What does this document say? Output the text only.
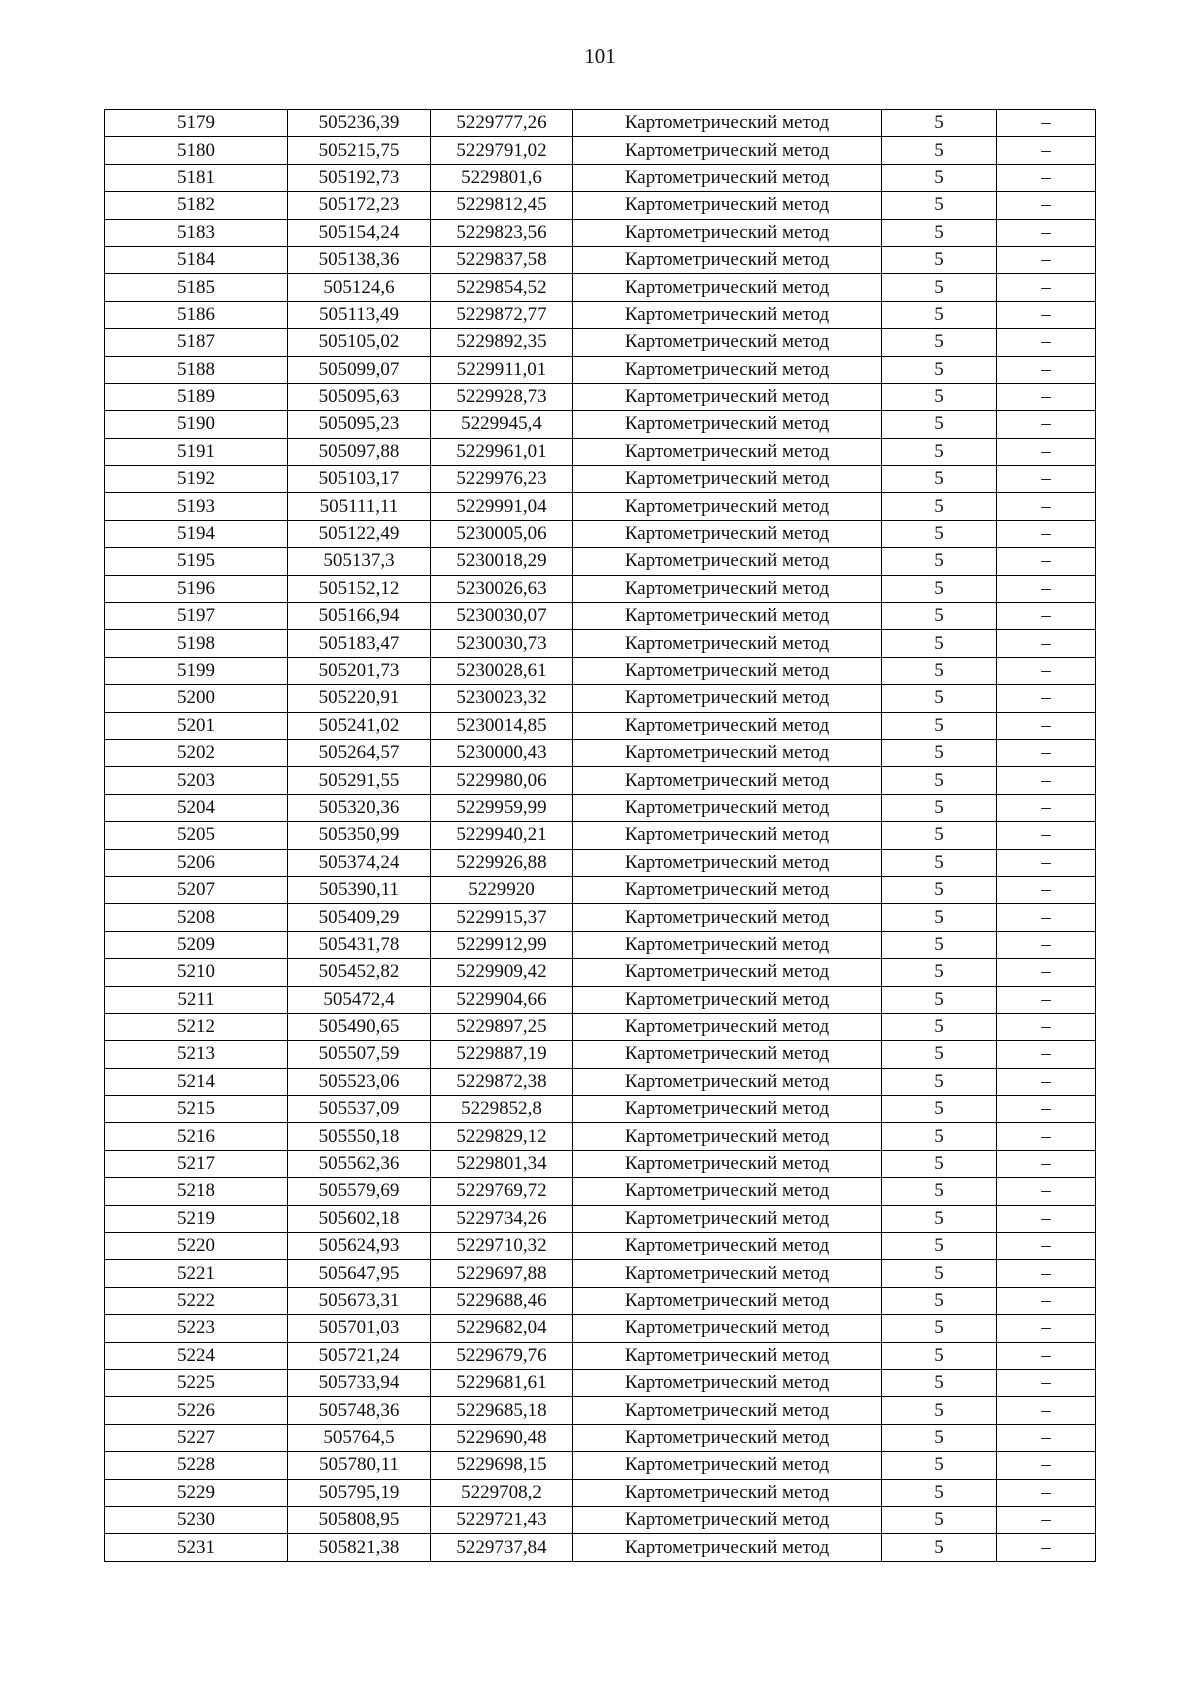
101
5179	505236,39	5229777,26	Картометрический метод	5	–
5180	505215,75	5229791,02	Картометрический метод	5	–
5181	505192,73	5229801,6	Картометрический метод	5	–
5182	505172,23	5229812,45	Картометрический метод	5	–
5183	505154,24	5229823,56	Картометрический метод	5	–
5184	505138,36	5229837,58	Картометрический метод	5	–
5185	505124,6	5229854,52	Картометрический метод	5	–
5186	505113,49	5229872,77	Картометрический метод	5	–
5187	505105,02	5229892,35	Картометрический метод	5	–
5188	505099,07	5229911,01	Картометрический метод	5	–
5189	505095,63	5229928,73	Картометрический метод	5	–
5190	505095,23	5229945,4	Картометрический метод	5	–
5191	505097,88	5229961,01	Картометрический метод	5	–
5192	505103,17	5229976,23	Картометрический метод	5	–
5193	505111,11	5229991,04	Картометрический метод	5	–
5194	505122,49	5230005,06	Картометрический метод	5	–
5195	505137,3	5230018,29	Картометрический метод	5	–
5196	505152,12	5230026,63	Картометрический метод	5	–
5197	505166,94	5230030,07	Картометрический метод	5	–
5198	505183,47	5230030,73	Картометрический метод	5	–
5199	505201,73	5230028,61	Картометрический метод	5	–
5200	505220,91	5230023,32	Картометрический метод	5	–
5201	505241,02	5230014,85	Картометрический метод	5	–
5202	505264,57	5230000,43	Картометрический метод	5	–
5203	505291,55	5229980,06	Картометрический метод	5	–
5204	505320,36	5229959,99	Картометрический метод	5	–
5205	505350,99	5229940,21	Картометрический метод	5	–
5206	505374,24	5229926,88	Картометрический метод	5	–
5207	505390,11	5229920	Картометрический метод	5	–
5208	505409,29	5229915,37	Картометрический метод	5	–
5209	505431,78	5229912,99	Картометрический метод	5	–
5210	505452,82	5229909,42	Картометрический метод	5	–
5211	505472,4	5229904,66	Картометрический метод	5	–
5212	505490,65	5229897,25	Картометрический метод	5	–
5213	505507,59	5229887,19	Картометрический метод	5	–
5214	505523,06	5229872,38	Картометрический метод	5	–
5215	505537,09	5229852,8	Картометрический метод	5	–
5216	505550,18	5229829,12	Картометрический метод	5	–
5217	505562,36	5229801,34	Картометрический метод	5	–
5218	505579,69	5229769,72	Картометрический метод	5	–
5219	505602,18	5229734,26	Картометрический метод	5	–
5220	505624,93	5229710,32	Картометрический метод	5	–
5221	505647,95	5229697,88	Картометрический метод	5	–
5222	505673,31	5229688,46	Картометрический метод	5	–
5223	505701,03	5229682,04	Картометрический метод	5	–
5224	505721,24	5229679,76	Картометрический метод	5	–
5225	505733,94	5229681,61	Картометрический метод	5	–
5226	505748,36	5229685,18	Картометрический метод	5	–
5227	505764,5	5229690,48	Картометрический метод	5	–
5228	505780,11	5229698,15	Картометрический метод	5	–
5229	505795,19	5229708,2	Картометрический метод	5	–
5230	505808,95	5229721,43	Картометрический метод	5	–
5231	505821,38	5229737,84	Картометрический метод	5	–
